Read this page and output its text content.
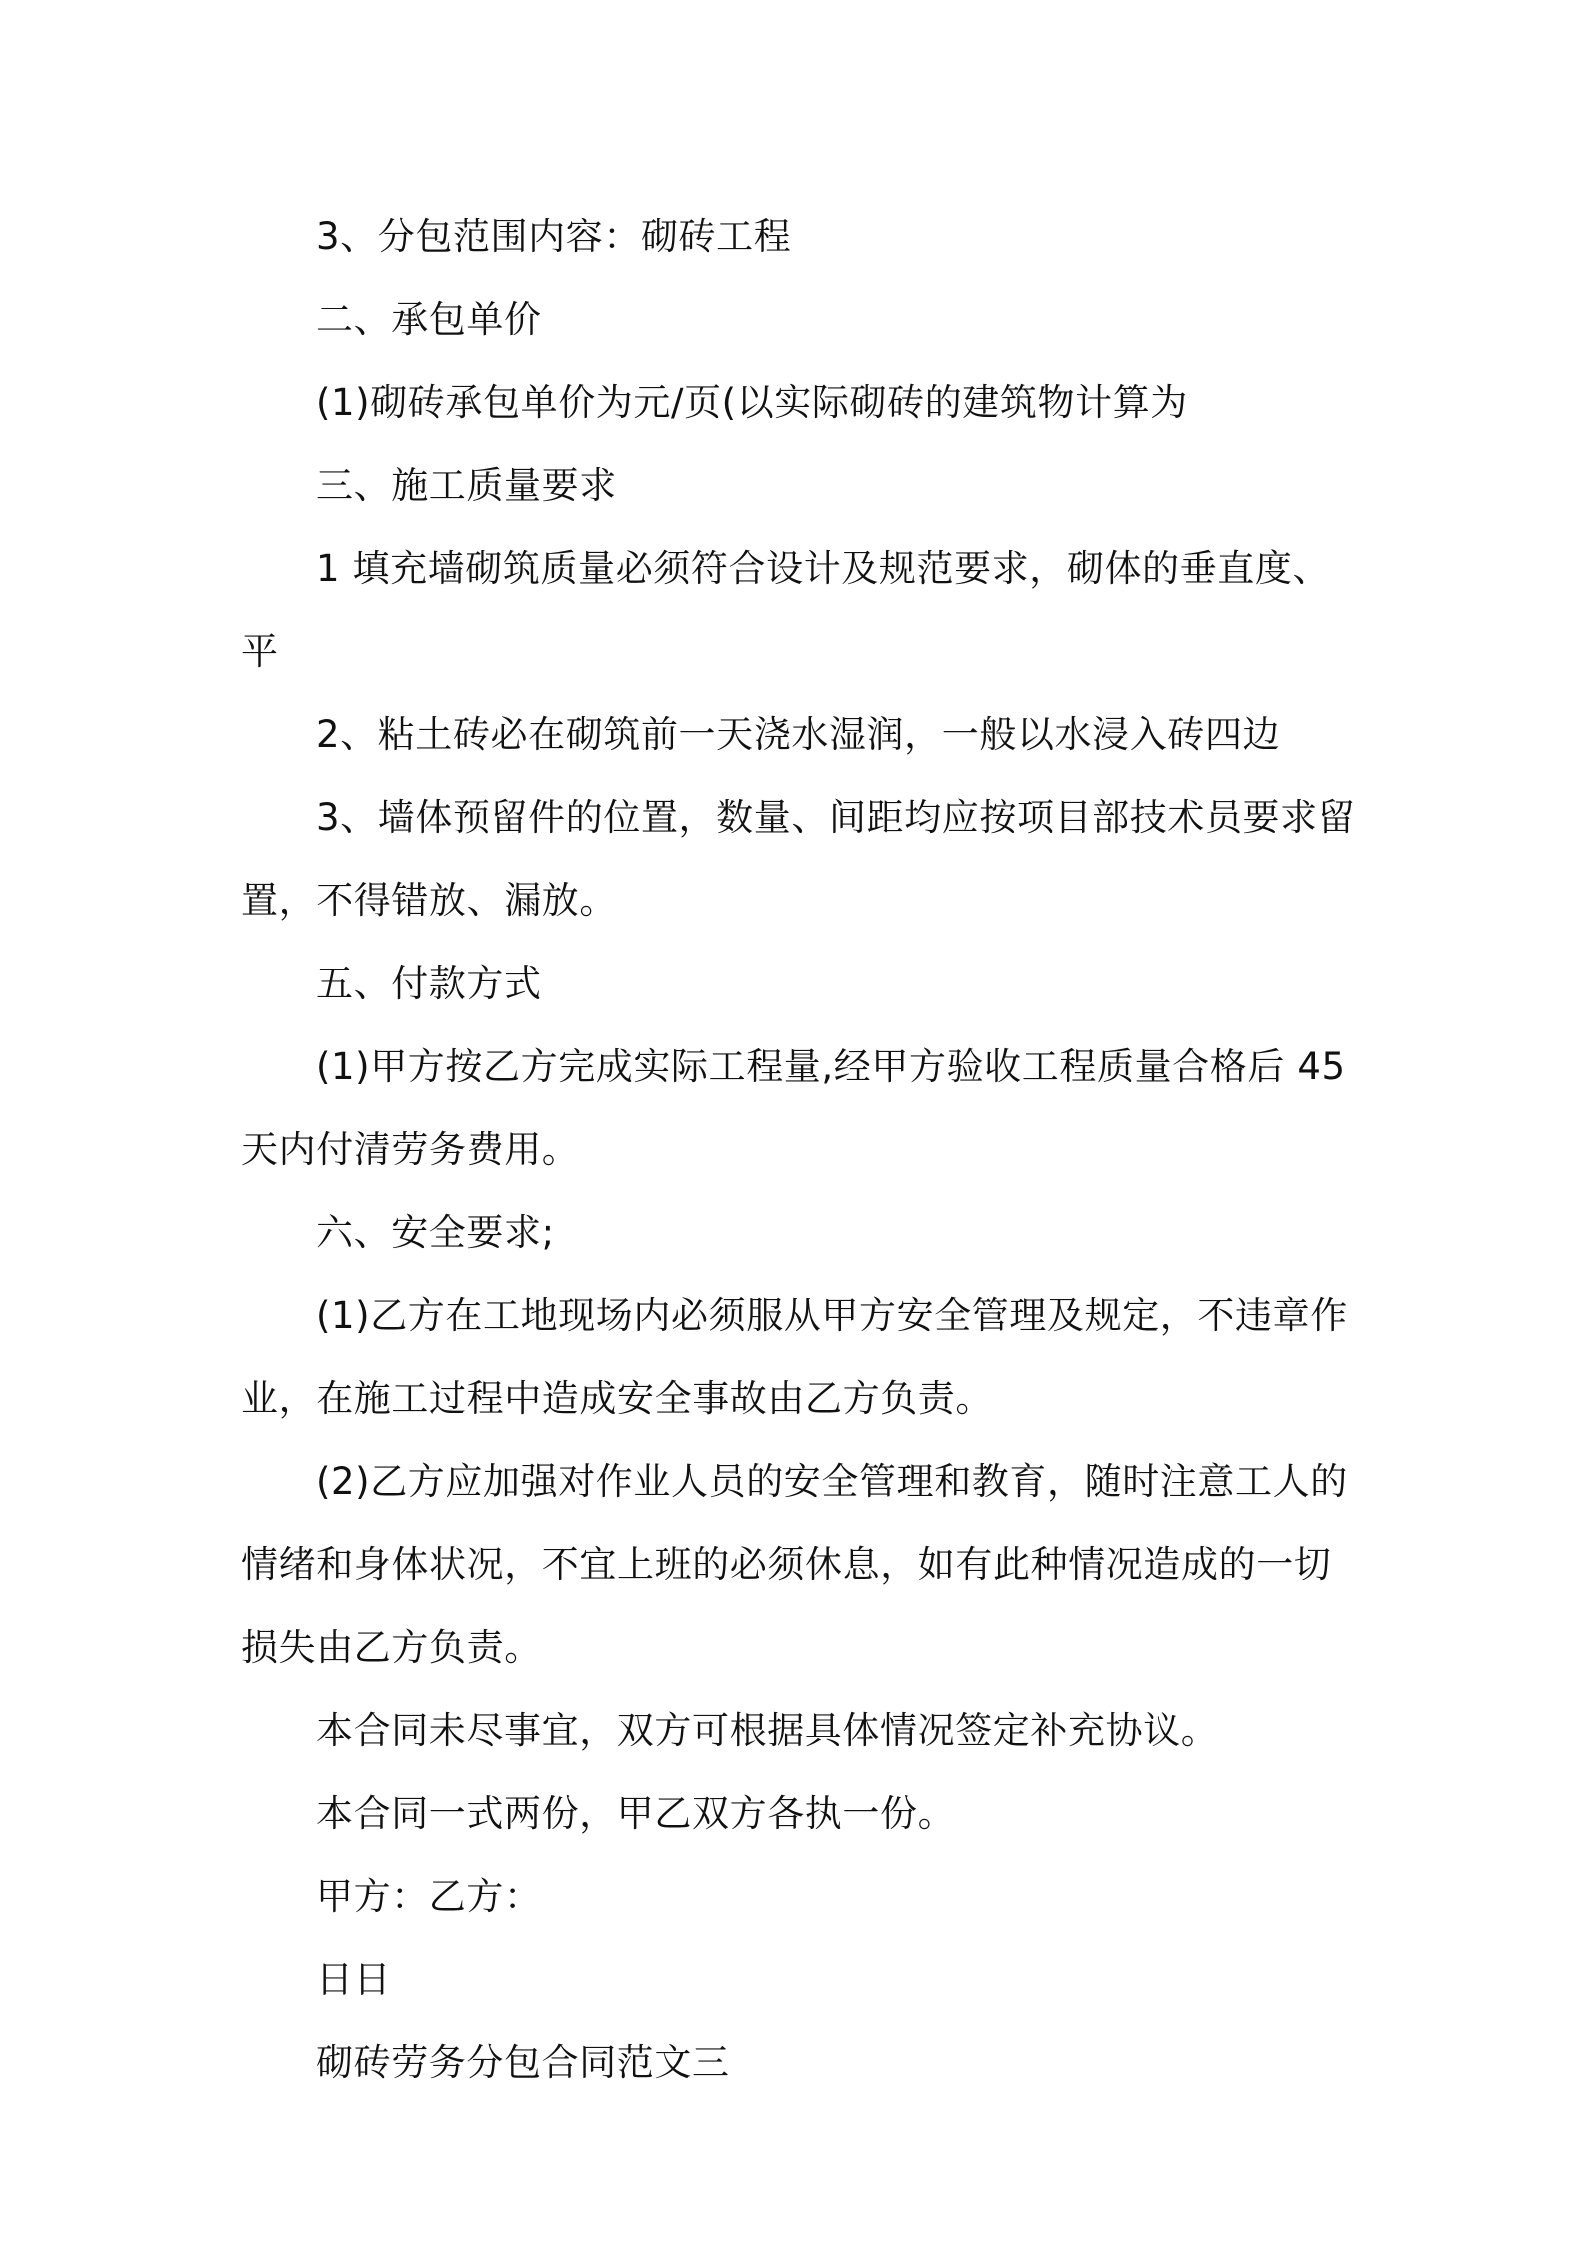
3、分包范围内容：砌砖工程

二、承包单价

(1)砌砖承包单价为元/页(以实际砌砖的建筑物计算为

三、施工质量要求

1 填充墙砌筑质量必须符合设计及规范要求，砌体的垂直度、平

2、粘土砖必在砌筑前一天浇水湿润，一般以水浸入砖四边

3、墙体预留件的位置，数量、间距均应按项目部技术员要求留置，不得错放、漏放。

五、付款方式

(1)甲方按乙方完成实际工程量,经甲方验收工程质量合格后 45 天内付清劳务费用。

六、安全要求;

(1)乙方在工地现场内必须服从甲方安全管理及规定，不违章作业，在施工过程中造成安全事故由乙方负责。

(2)乙方应加强对作业人员的安全管理和教育，随时注意工人的情绪和身体状况，不宜上班的必须休息，如有此种情况造成的一切损失由乙方负责。

本合同未尽事宜，双方可根据具体情况签定补充协议。

本合同一式两份，甲乙双方各执一份。

甲方：乙方：

日日

砌砖劳务分包合同范文三
